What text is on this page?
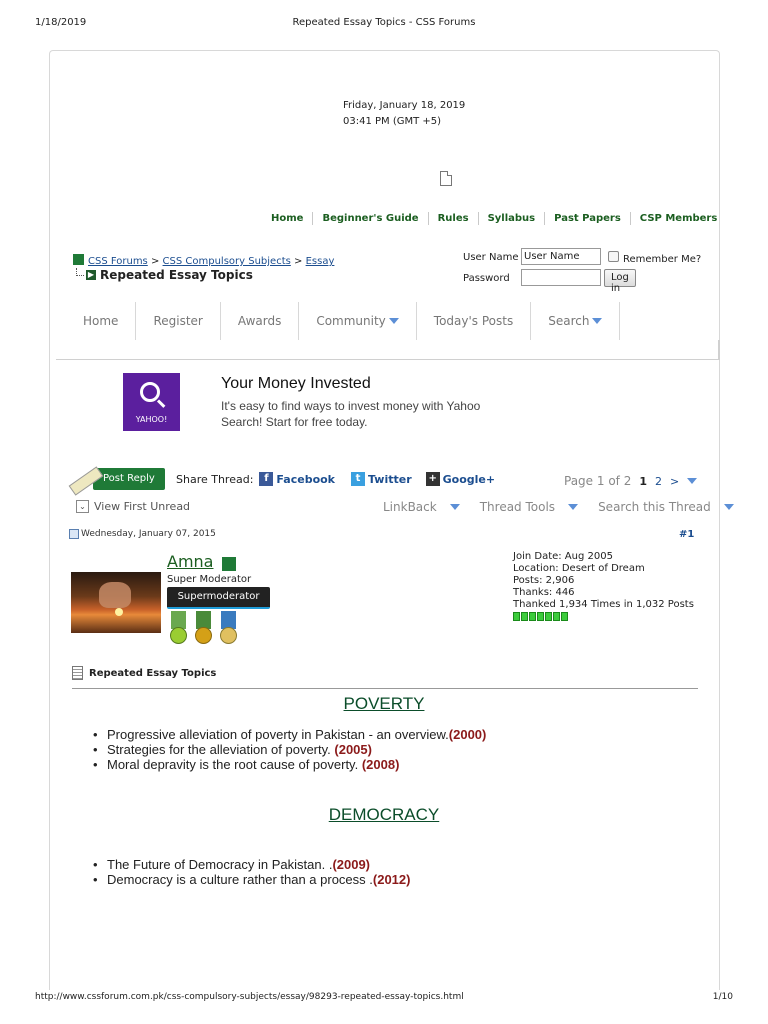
1/18/2019	Repeated Essay Topics - CSS Forums
Friday, January 18, 2019
03:41 PM (GMT +5)
Home	Beginner's Guide	Rules	Syllabus	Past Papers	CSP Members
CSS Forums > CSS Compulsory Subjects > Essay
▶ Repeated Essay Topics
User Name
User Name	Remember Me?
Password	Log in
Home	Register	Awards	Community	Today's Posts	Search
YAHOO!
Your Money Invested
It's easy to find ways to invest money with Yahoo Search! Start for free today.
Post Reply	Share Thread:	f Facebook	t Twitter + Google+	Page 1 of 2 1 2 >
⌄ View First Unread	LinkBack	Thread Tools	Search this Thread
Wednesday, January 07, 2015	#1
Amna
Super Moderator
Supermoderator
Join Date: Aug 2005
Location: Desert of Dream
Posts: 2,906
Thanks: 446
Thanked 1,934 Times in 1,032 Posts
Repeated Essay Topics
POVERTY
• Progressive alleviation of poverty in Pakistan - an overview.(2000)
• Strategies for the alleviation of poverty. (2005)
• Moral depravity is the root cause of poverty. (2008)
DEMOCRACY
• The Future of Democracy in Pakistan. .(2009)
• Democracy is a culture rather than a process .(2012)
http://www.cssforum.com.pk/css-compulsory-subjects/essay/98293-repeated-essay-topics.html	1/10
